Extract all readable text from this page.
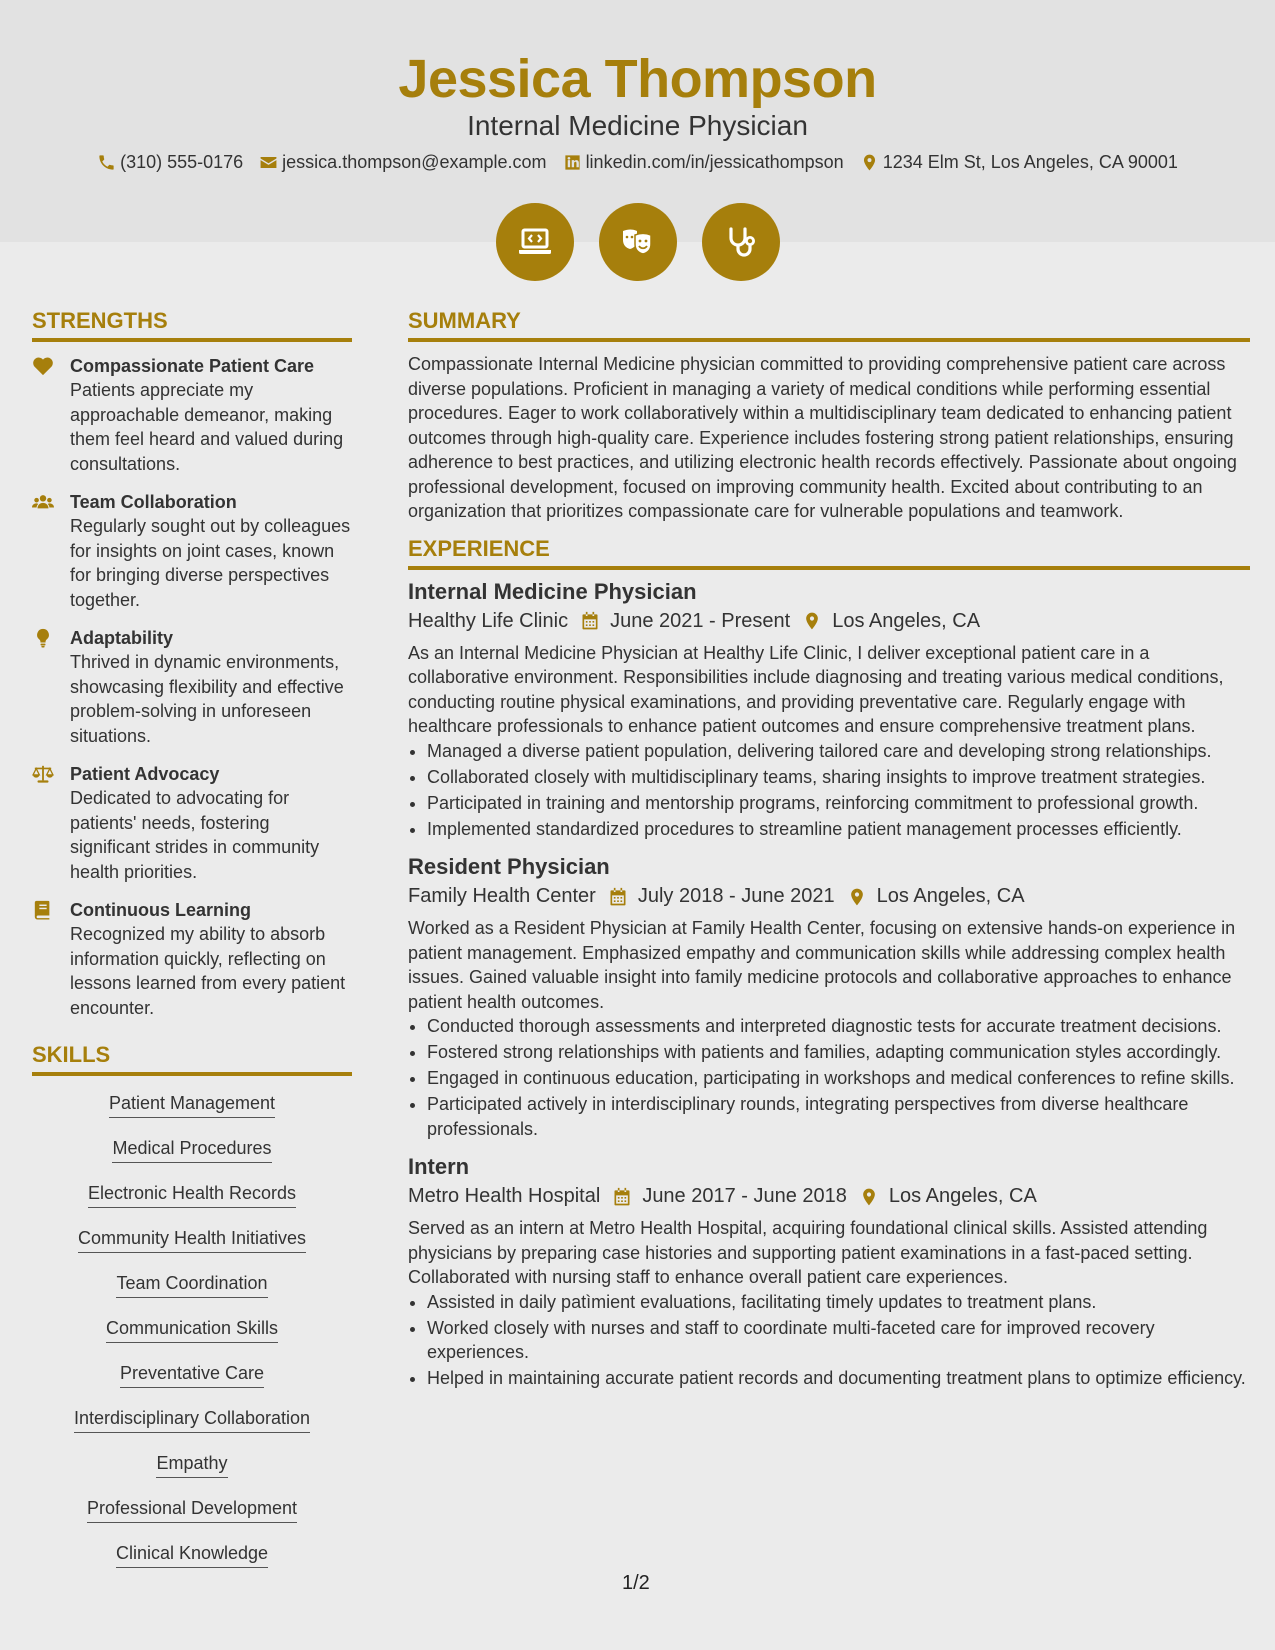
Jessica Thompson
Internal Medicine Physician
(310) 555-0176 jessica.thompson@example.com linkedin.com/in/jessicathompson 1234 Elm St, Los Angeles, CA 90001
STRENGTHS
Compassionate Patient Care
Patients appreciate my approachable demeanor, making them feel heard and valued during consultations.
Team Collaboration
Regularly sought out by colleagues for insights on joint cases, known for bringing diverse perspectives together.
Adaptability
Thrived in dynamic environments, showcasing flexibility and effective problem-solving in unforeseen situations.
Patient Advocacy
Dedicated to advocating for patients' needs, fostering significant strides in community health priorities.
Continuous Learning
Recognized my ability to absorb information quickly, reflecting on lessons learned from every patient encounter.
SKILLS
Patient Management
Medical Procedures
Electronic Health Records
Community Health Initiatives
Team Coordination
Communication Skills
Preventative Care
Interdisciplinary Collaboration
Empathy
Professional Development
Clinical Knowledge
SUMMARY
Compassionate Internal Medicine physician committed to providing comprehensive patient care across diverse populations. Proficient in managing a variety of medical conditions while performing essential procedures. Eager to work collaboratively within a multidisciplinary team dedicated to enhancing patient outcomes through high-quality care. Experience includes fostering strong patient relationships, ensuring adherence to best practices, and utilizing electronic health records effectively. Passionate about ongoing professional development, focused on improving community health. Excited about contributing to an organization that prioritizes compassionate care for vulnerable populations and teamwork.
EXPERIENCE
Internal Medicine Physician
Healthy Life Clinic June 2021 - Present Los Angeles, CA
As an Internal Medicine Physician at Healthy Life Clinic, I deliver exceptional patient care in a collaborative environment. Responsibilities include diagnosing and treating various medical conditions, conducting routine physical examinations, and providing preventative care. Regularly engage with healthcare professionals to enhance patient outcomes and ensure comprehensive treatment plans.
• Managed a diverse patient population, delivering tailored care and developing strong relationships.
• Collaborated closely with multidisciplinary teams, sharing insights to improve treatment strategies.
• Participated in training and mentorship programs, reinforcing commitment to professional growth.
• Implemented standardized procedures to streamline patient management processes efficiently.
Resident Physician
Family Health Center July 2018 - June 2021 Los Angeles, CA
Worked as a Resident Physician at Family Health Center, focusing on extensive hands-on experience in patient management. Emphasized empathy and communication skills while addressing complex health issues. Gained valuable insight into family medicine protocols and collaborative approaches to enhance patient health outcomes.
• Conducted thorough assessments and interpreted diagnostic tests for accurate treatment decisions.
• Fostered strong relationships with patients and families, adapting communication styles accordingly.
• Engaged in continuous education, participating in workshops and medical conferences to refine skills.
• Participated actively in interdisciplinary rounds, integrating perspectives from diverse healthcare professionals.
Intern
Metro Health Hospital June 2017 - June 2018 Los Angeles, CA
Served as an intern at Metro Health Hospital, acquiring foundational clinical skills. Assisted attending physicians by preparing case histories and supporting patient examinations in a fast-paced setting. Collaborated with nursing staff to enhance overall patient care experiences.
• Assisted in daily patìmient evaluations, facilitating timely updates to treatment plans.
• Worked closely with nurses and staff to coordinate multi-faceted care for improved recovery experiences.
• Helped in maintaining accurate patient records and documenting treatment plans to optimize efficiency.
1/2
